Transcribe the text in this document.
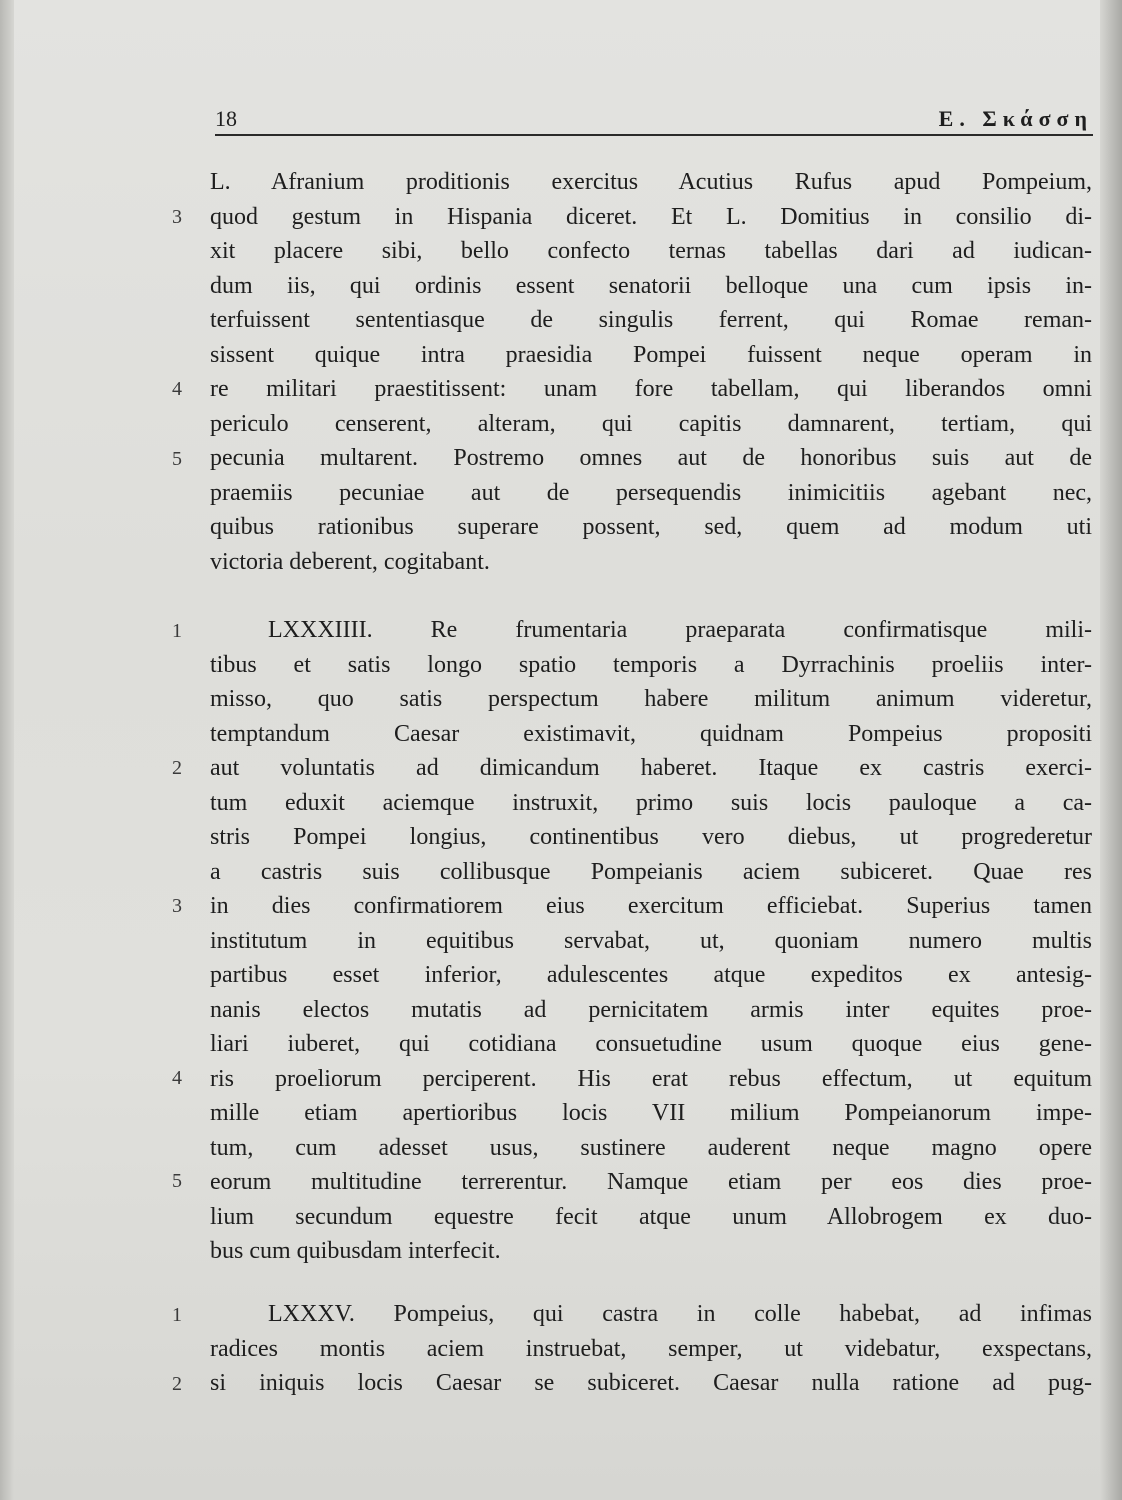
18	Ε. Σκάσση
L. Afranium proditionis exercitus Acutius Rufus apud Pompeium,
quod gestum in Hispania diceret. Et L. Domitius in consilio di-
xit placere sibi, bello confecto ternas tabellas dari ad iudican-
dum iis, qui ordinis essent senatorii belloque una cum ipsis in-
terfuissent sententiasque de singulis ferrent, qui Romae reman-
sissent quique intra praesidia Pompei fuissent neque operam in
re militari praestitissent: unam fore tabellam, qui liberandos omni
periculo censerent, alteram, qui capitis damnarent, tertiam, qui
pecunia multarent. Postremo omnes aut de honoribus suis aut de
praemiis pecuniae aut de persequendis inimicitiis agebant nec,
quibus rationibus superare possent, sed, quem ad modum uti
victoria deberent, cogitabant.
3
4
5
LXXXIIII. Re frumentaria praeparata confirmatisque mili-
tibus et satis longo spatio temporis a Dyrrachinis proeliis inter-
misso, quo satis perspectum habere militum animum videretur,
temptandum Caesar existimavit, quidnam Pompeius propositi
aut voluntatis ad dimicandum haberet. Itaque ex castris exerci-
tum eduxit aciemque instruxit, primo suis locis pauloque a ca-
stris Pompei longius, continentibus vero diebus, ut progrederetur
a castris suis collibusque Pompeianis aciem subiceret. Quae res
in dies confirmatiorem eius exercitum efficiebat. Superius tamen
institutum in equitibus servabat, ut, quoniam numero multis
partibus esset inferior, adulescentes atque expeditos ex antesig-
nanis electos mutatis ad pernicitatem armis inter equites proe-
liari iuberet, qui cotidiana consuetudine usum quoque eius gene-
ris proeliorum perciperent. His erat rebus effectum, ut equitum
mille etiam apertioribus locis VII milium Pompeianorum impe-
tum, cum adesset usus, sustinere auderent neque magno opere
eorum multitudine terrerentur. Namque etiam per eos dies proe-
lium secundum equestre fecit atque unum Allobrogem ex duo-
bus cum quibusdam interfecit.
1
2
3
4
5
LXXXV. Pompeius, qui castra in colle habebat, ad infimas
radices montis aciem instruebat, semper, ut videbatur, exspectans,
si iniquis locis Caesar se subiceret. Caesar nulla ratione ad pug-
1
2
